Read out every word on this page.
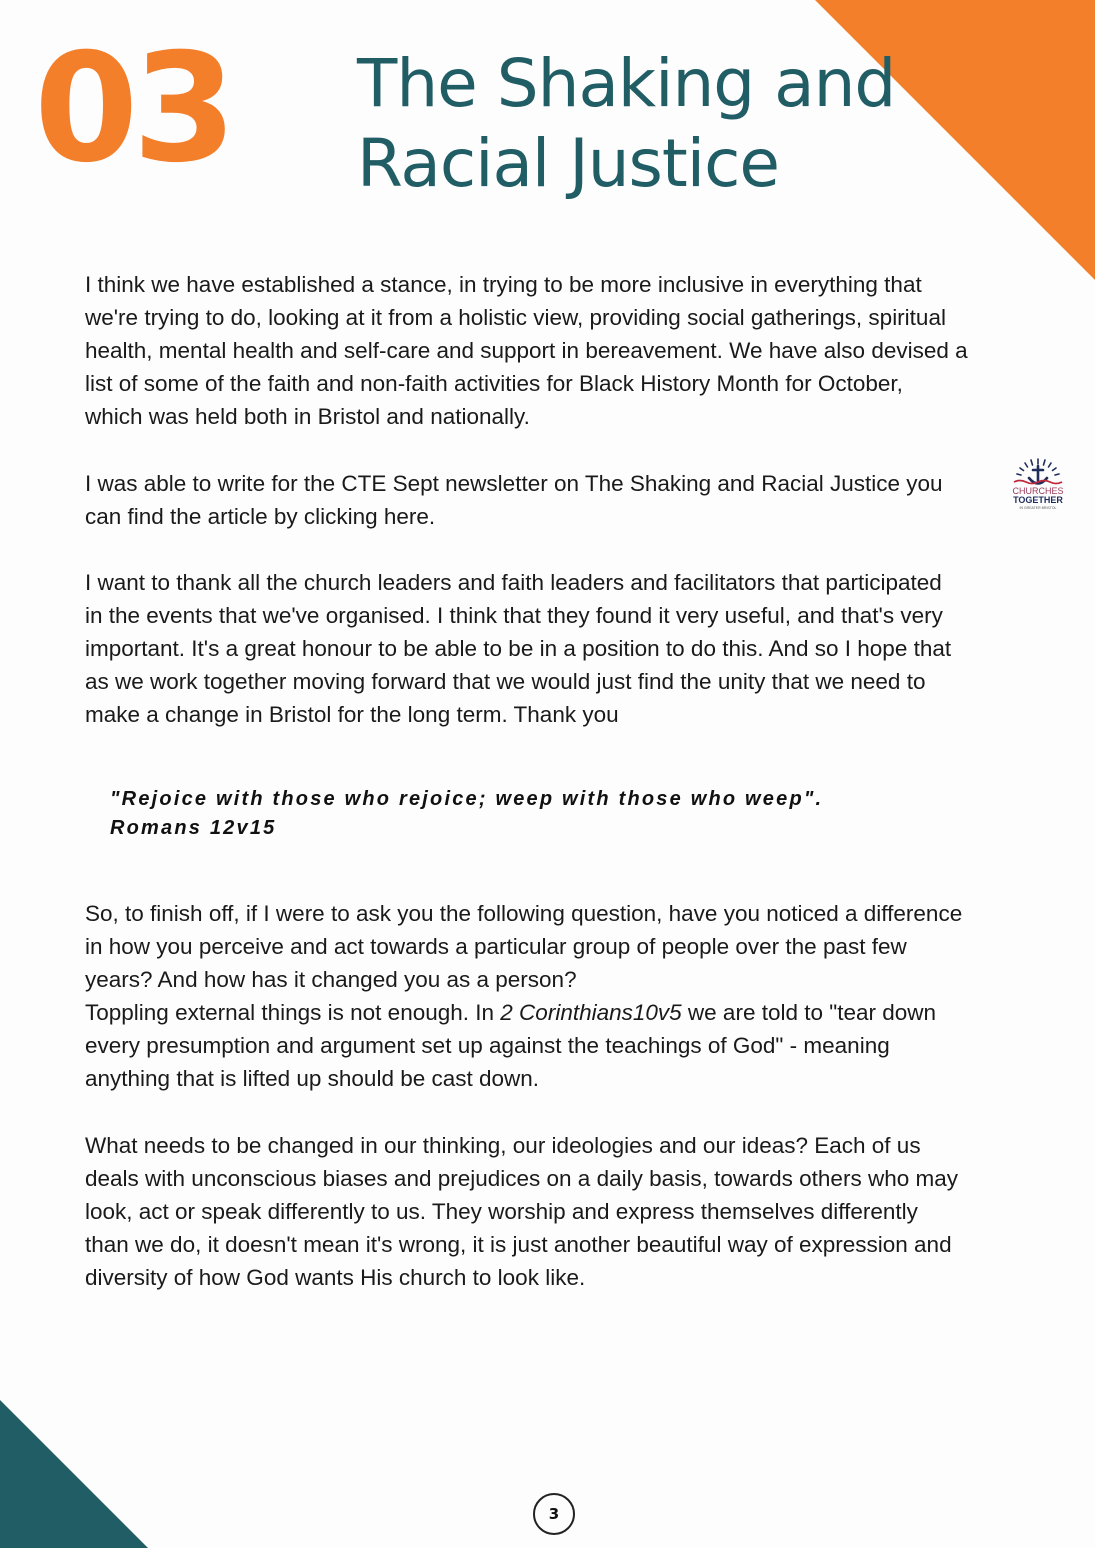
03 The Shaking and
Racial Justice

I think we have established a stance, in trying to be more inclusive in everything that
we're trying to do, looking at it from a holistic view, providing social gatherings, spiritual
health, mental health and self-care and support in bereavement. We have also devised a
list of some of the faith and non-faith activities for Black History Month for October,
which was held both in Bristol and nationally.

I was able to write for the CTE Sept newsletter on The Shaking and Racial Justice you
can find the article by clicking here.

CHURCHES
TOGETHER
IN GREATER BRISTOL

I want to thank all the church leaders and faith leaders and facilitators that participated
in the events that we've organised. I think that they found it very useful, and that's very
important. It's a great honour to be able to be in a position to do this. And so I hope that
as we work together moving forward that we would just find the unity that we need to
make a change in Bristol for the long term. Thank you

"Rejoice with those who rejoice; weep with those who weep".
Romans 12v15

So, to finish off, if I were to ask you the following question, have you noticed a difference
in how you perceive and act towards a particular group of people over the past few
years? And how has it changed you as a person?
Toppling external things is not enough. In 2 Corinthians10v5 we are told to "tear down
every presumption and argument set up against the teachings of God" - meaning
anything that is lifted up should be cast down.

What needs to be changed in our thinking, our ideologies and our ideas? Each of us
deals with unconscious biases and prejudices on a daily basis, towards others who may
look, act or speak differently to us. They worship and express themselves differently
than we do, it doesn't mean it's wrong, it is just another beautiful way of expression and
diversity of how God wants His church to look like.

3
